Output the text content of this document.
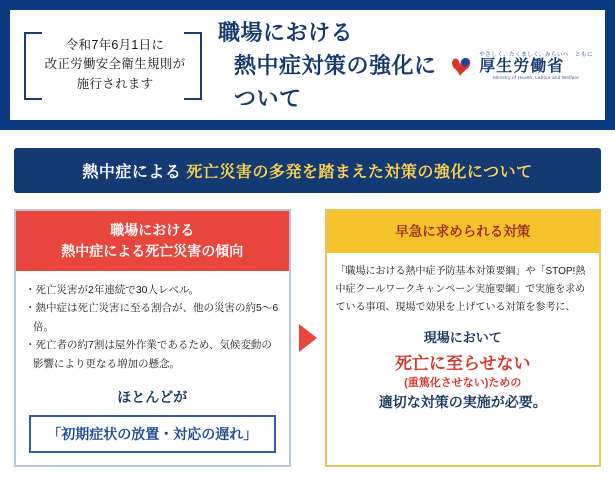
令和7年6月1日に
改正労働安全衛生規則が
施行されます
職場における
熱中症対策の強化について
やさしく、たくましく、みらいへ　ともに
厚生労働省
Ministry of Health, Labour and Welfare
熱中症による 死亡災害の多発を踏まえた対策の強化について
職場における
熱中症による死亡災害の傾向
・死亡災害が2年連続で30人レベル。
・熱中症は死亡災害に至る割合が、他の災害の約5～6倍。
・死亡者の約7割は屋外作業であるため、気候変動の影響により更なる増加の懸念。
ほとんどが
「初期症状の放置・対応の遅れ」
早急に求められる対策
「職場における熱中症予防基本対策要綱」や「STOP!熱中症クールワークキャンペーン実施要綱」で実施を求めている事項、現場で効果を上げている対策を参考に、
現場において
死亡に至らせない
(重篤化させない)ための
適切な対策の実施が必要。
